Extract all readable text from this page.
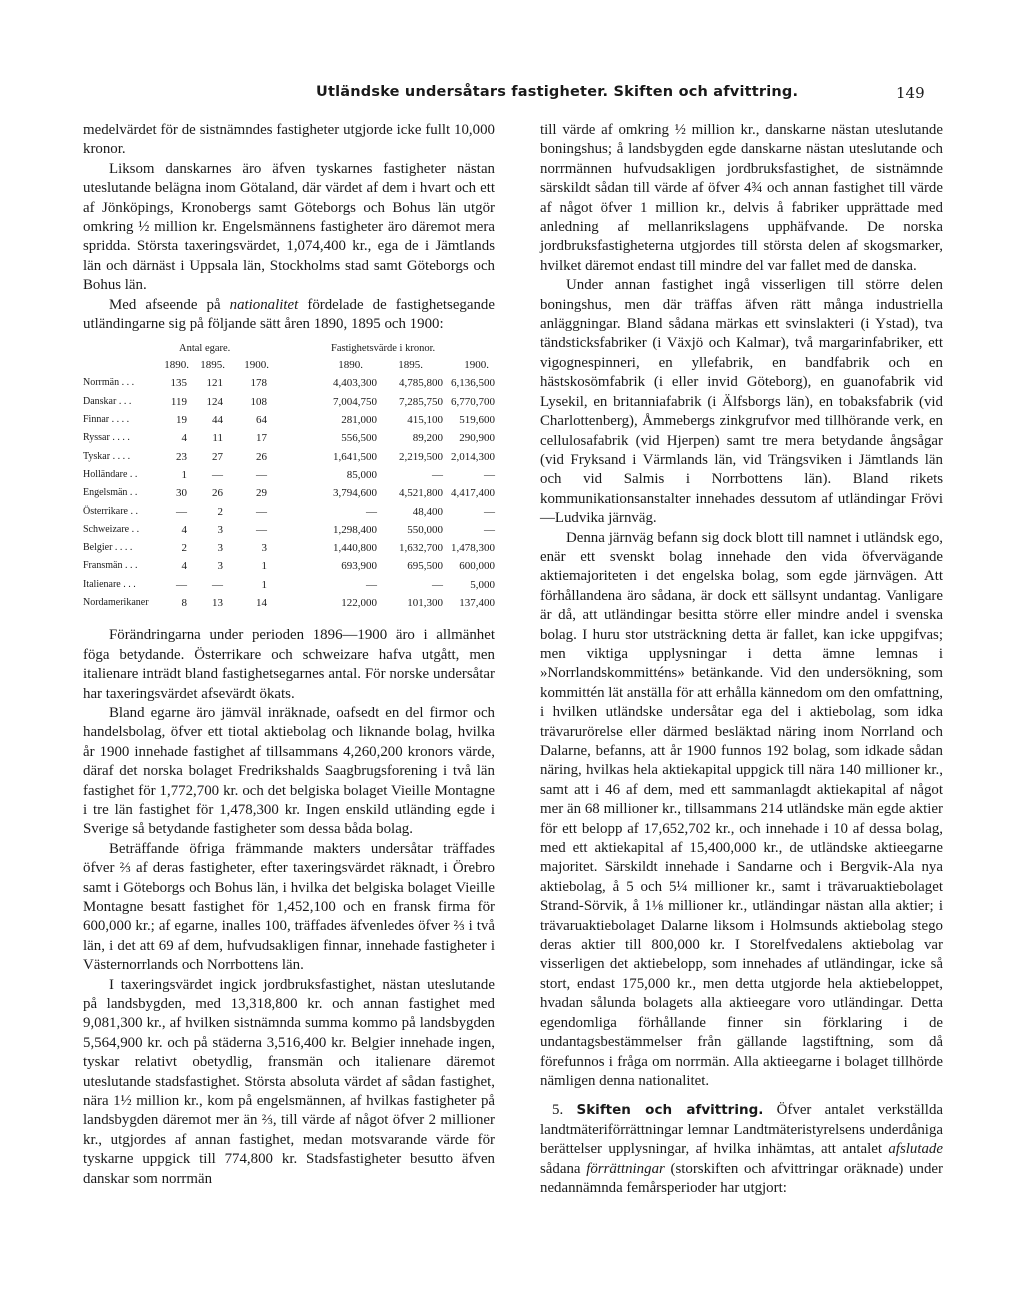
Utländske undersåtars fastigheter. Skiften och afvittring.	149

medelvärdet för de sistnämndes fastigheter utgjorde icke fullt 10,000 kronor.

Liksom danskarnes äro äfven tyskarnes fastigheter nästan uteslutande belägna inom Götaland, där värdet af dem i hvart och ett af Jönköpings, Kronobergs samt Göteborgs och Bohus län utgör omkring ½ million kr. Engelsmännens fastigheter äro däremot mera spridda. Största taxeringsvärdet, 1,074,400 kr., ega de i Jämtlands län och därnäst i Uppsala län, Stockholms stad samt Göteborgs och Bohus län.

Med afseende på nationalitet fördelade de fastighetsegande utländingarne sig på följande sätt åren 1890, 1895 och 1900:

Antal egare.	Fastighetsvärde i kronor.
1890.	1895.	1900.	1890.	1895.	1900.
Norrmän . . .	135	121	178	4,403,300	4,785,800 6,136,500
Danskar . . .	119	124	108	7,004,750	7,285,750 6,770,700
Finnar . . . .	19	44	64	281,000	415,100	519,600
Ryssar . . . .	4	11	17	556,500	89,200	290,900
Tyskar . . . .	23	27	26	1,641,500	2,219,500 2,014,300
Holländare . .	1	—	—	85,000	—	—
Engelsmän . .	30	26	29	3,794,600	4,521,800 4,417,400
Österrikare . .	—	2	—	—	48,400	—
Schweizare . .	4	3	—	1,298,400	550,000	—
Belgier . . . .	2	3	3	1,440,800	1,632,700 1,478,300
Fransmän . . .	4	3	1	693,900	695,500	600,000
Italienare . . .	—	—	1	—	—	5,000
Nordamerikaner	8	13	14	122,000	101,300	137,400

Förändringarna under perioden 1896—1900 äro i allmänhet föga betydande. Österrikare och schweizare hafva utgått, men italienare inträdt bland fastighetsegarnes antal. För norske undersåtar har taxeringsvärdet afsevärdt ökats.

Bland egarne äro jämväl inräknade, oafsedt en del firmor och handelsbolag, öfver ett tiotal aktiebolag och liknande bolag, hvilka år 1900 innehade fastighet af tillsammans 4,260,200 kronors värde, däraf det norska bolaget Fredrikshalds Saagbrugsforening i två län fastighet för 1,772,700 kr. och det belgiska bolaget Vieille Montagne i tre län fastighet för 1,478,300 kr. Ingen enskild utländing egde i Sverige så betydande fastigheter som dessa båda bolag.

Beträffande öfriga främmande makters undersåtar träffades öfver ⅔ af deras fastigheter, efter taxeringsvärdet räknadt, i Örebro samt i Göteborgs och Bohus län, i hvilka det belgiska bolaget Vieille Montagne besatt fastighet för 1,452,100 och en fransk firma för 600,000 kr.; af egarne, inalles 100, träffades äfvenledes öfver ⅔ i två län, i det att 69 af dem, hufvudsakligen finnar, innehade fastigheter i Västernorrlands och Norrbottens län.

I taxeringsvärdet ingick jordbruksfastighet, nästan uteslutande på landsbygden, med 13,318,800 kr. och annan fastighet med 9,081,300 kr., af hvilken sistnämnda summa kommo på landsbygden 5,564,900 kr. och på städerna 3,516,400 kr. Belgier innehade ingen, tyskar relativt obetydlig, fransmän och italienare däremot uteslutande stadsfastighet. Största absoluta värdet af sådan fastighet, nära 1½ million kr., kom på engelsmännen, af hvilkas fastigheter på landsbygden däremot mer än ⅔, till värde af något öfver 2 millioner kr., utgjordes af annan fastighet, medan motsvarande värde för tyskarne uppgick till 774,800 kr. Stadsfastigheter besutto äfven danskar som norrmän

till värde af omkring ½ million kr., danskarne nästan uteslutande boningshus; å landsbygden egde danskarne nästan uteslutande och norrmännen hufvudsakligen jordbruksfastighet, de sistnämnde särskildt sådan till värde af öfver 4¾ och annan fastighet till värde af något öfver 1 million kr., delvis å fabriker upprättade med anledning af mellanrikslagens upphäfvande. De norska jordbruksfastigheterna utgjordes till största delen af skogsmarker, hvilket däremot endast till mindre del var fallet med de danska.

Under annan fastighet ingå visserligen till större delen boningshus, men där träffas äfven rätt många industriella anläggningar. Bland sådana märkas ett svinslakteri (i Ystad), tva tändsticksfabriker (i Växjö och Kalmar), två margarinfabriker, ett vigognespinneri, en yllefabrik, en bandfabrik och en hästskosömfabrik (i eller invid Göteborg), en guanofabrik vid Lysekil, en britanniafabrik (i Älfsborgs län), en tobaksfabrik (vid Charlottenberg), Åmmebergs zinkgrufvor med tillhörande verk, en cellulosafabrik (vid Hjerpen) samt tre mera betydande ångsågar (vid Fryksand i Värmlands län, vid Trängsviken i Jämtlands län och vid Salmis i Norrbottens län). Bland rikets kommunikationsanstalter innehades dessutom af utländingar Frövi—Ludvika järnväg.

Denna järnväg befann sig dock blott till namnet i utländsk ego, enär ett svenskt bolag innehade den vida öfvervägande aktiemajoriteten i det engelska bolag, som egde järnvägen. Att förhållandena äro sådana, är dock ett sällsynt undantag. Vanligare är då, att utländingar besitta större eller mindre andel i svenska bolag. I huru stor utsträckning detta är fallet, kan icke uppgifvas; men viktiga upplysningar i detta ämne lemnas i »Norrlandskommitténs» betänkande. Vid den undersökning, som kommittén lät anställa för att erhålla kännedom om den omfattning, i hvilken utländske undersåtar ega del i aktiebolag, som idka trävarurörelse eller därmed besläktad näring inom Norrland och Dalarne, befanns, att år 1900 funnos 192 bolag, som idkade sådan näring, hvilkas hela aktiekapital uppgick till nära 140 millioner kr., samt att i 46 af dem, med ett sammanlagdt aktiekapital af något mer än 68 millioner kr., tillsammans 214 utländske män egde aktier för ett belopp af 17,652,702 kr., och innehade i 10 af dessa bolag, med ett aktiekapital af 15,400,000 kr., de utländske aktieegarne majoritet. Särskildt innehade i Sandarne och i Bergvik-Ala nya aktiebolag, å 5 och 5¼ millioner kr., samt i trävaruaktiebolaget Strand-Sörvik, å 1⅛ millioner kr., utländingar nästan alla aktier; i trävaruaktiebolaget Dalarne liksom i Holmsunds aktiebolag stego deras aktier till 800,000 kr. I Storelfvedalens aktiebolag var visserligen det aktiebelopp, som innehades af utländingar, icke så stort, endast 175,000 kr., men detta utgjorde hela aktiebeloppet, hvadan sålunda bolagets alla aktieegare voro utländingar. Detta egendomliga förhållande finner sin förklaring i de undantagsbestämmelser från gällande lagstiftning, som då förefunnos i fråga om norrmän. Alla aktieegarne i bolaget tillhörde nämligen denna nationalitet.

5. Skiften och afvittring. Öfver antalet verkställda landtmäteriförrättningar lemnar Landtmäteristyrelsens underdåniga berättelser upplysningar, af hvilka inhämtas, att antalet afslutade sådana förrättningar (storskiften och afvittringar oräknade) under nedannämnda femårsperioder har utgjort:
